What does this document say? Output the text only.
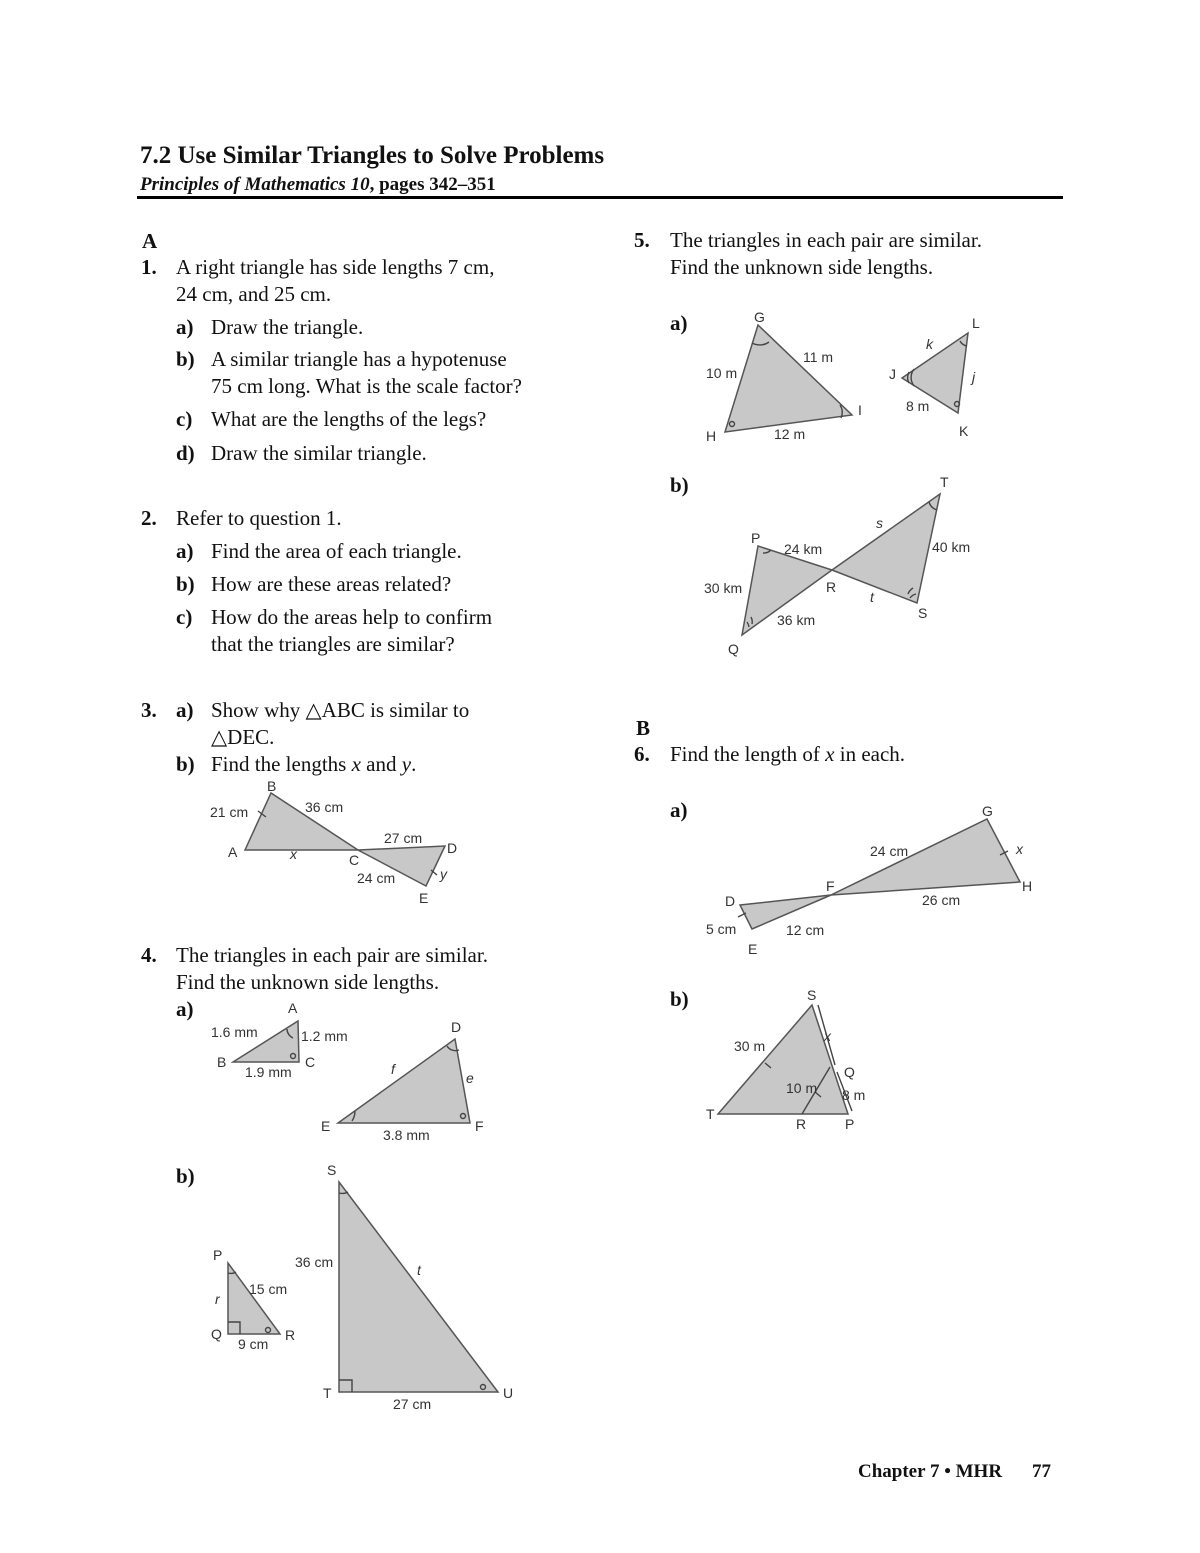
7.2 Use Similar Triangles to Solve Problems
Principles of Mathematics 10, pages 342–351
A
1. A right triangle has side lengths 7 cm,
24 cm, and 25 cm.
a) Draw the triangle.
b) A similar triangle has a hypotenuse
75 cm long. What is the scale factor?
c) What are the lengths of the legs?
d) Draw the similar triangle.
2. Refer to question 1.
a) Find the area of each triangle.
b) How are these areas related?
c) How do the areas help to confirm
that the triangles are similar?
3. a) Show why △ABC is similar to
△DEC.
b) Find the lengths x and y.
B
A	C
D
E
21 cm	36 cm
27 cm
24 cm
x
y
4. The triangles in each pair are similar.
Find the unknown side lengths.
a)	A
B	C
D
E	F
1.6 mm	1.2 mm
1.9 mm	f
e
3.8 mm
b)
P
Q	R
15 cm
r
9 cm
S
T	U
36 cm	t
27 cm
5. The triangles in each pair are similar.
Find the unknown side lengths.
a)	G
H
I
10 m
11 m
12 m
J
L
K
k
j
8 m
b)
P
Q
R
S
T
24 km
30 km
36 km
s
40 km
t
B
6. Find the length of x in each.
a)
D
E
F
G
H
24 cm	x
26 cm
5 cm	12 cm
b)	S
T
R	P
Q
30 m
x
10 m 8 m
Chapter 7 • MHR 77
